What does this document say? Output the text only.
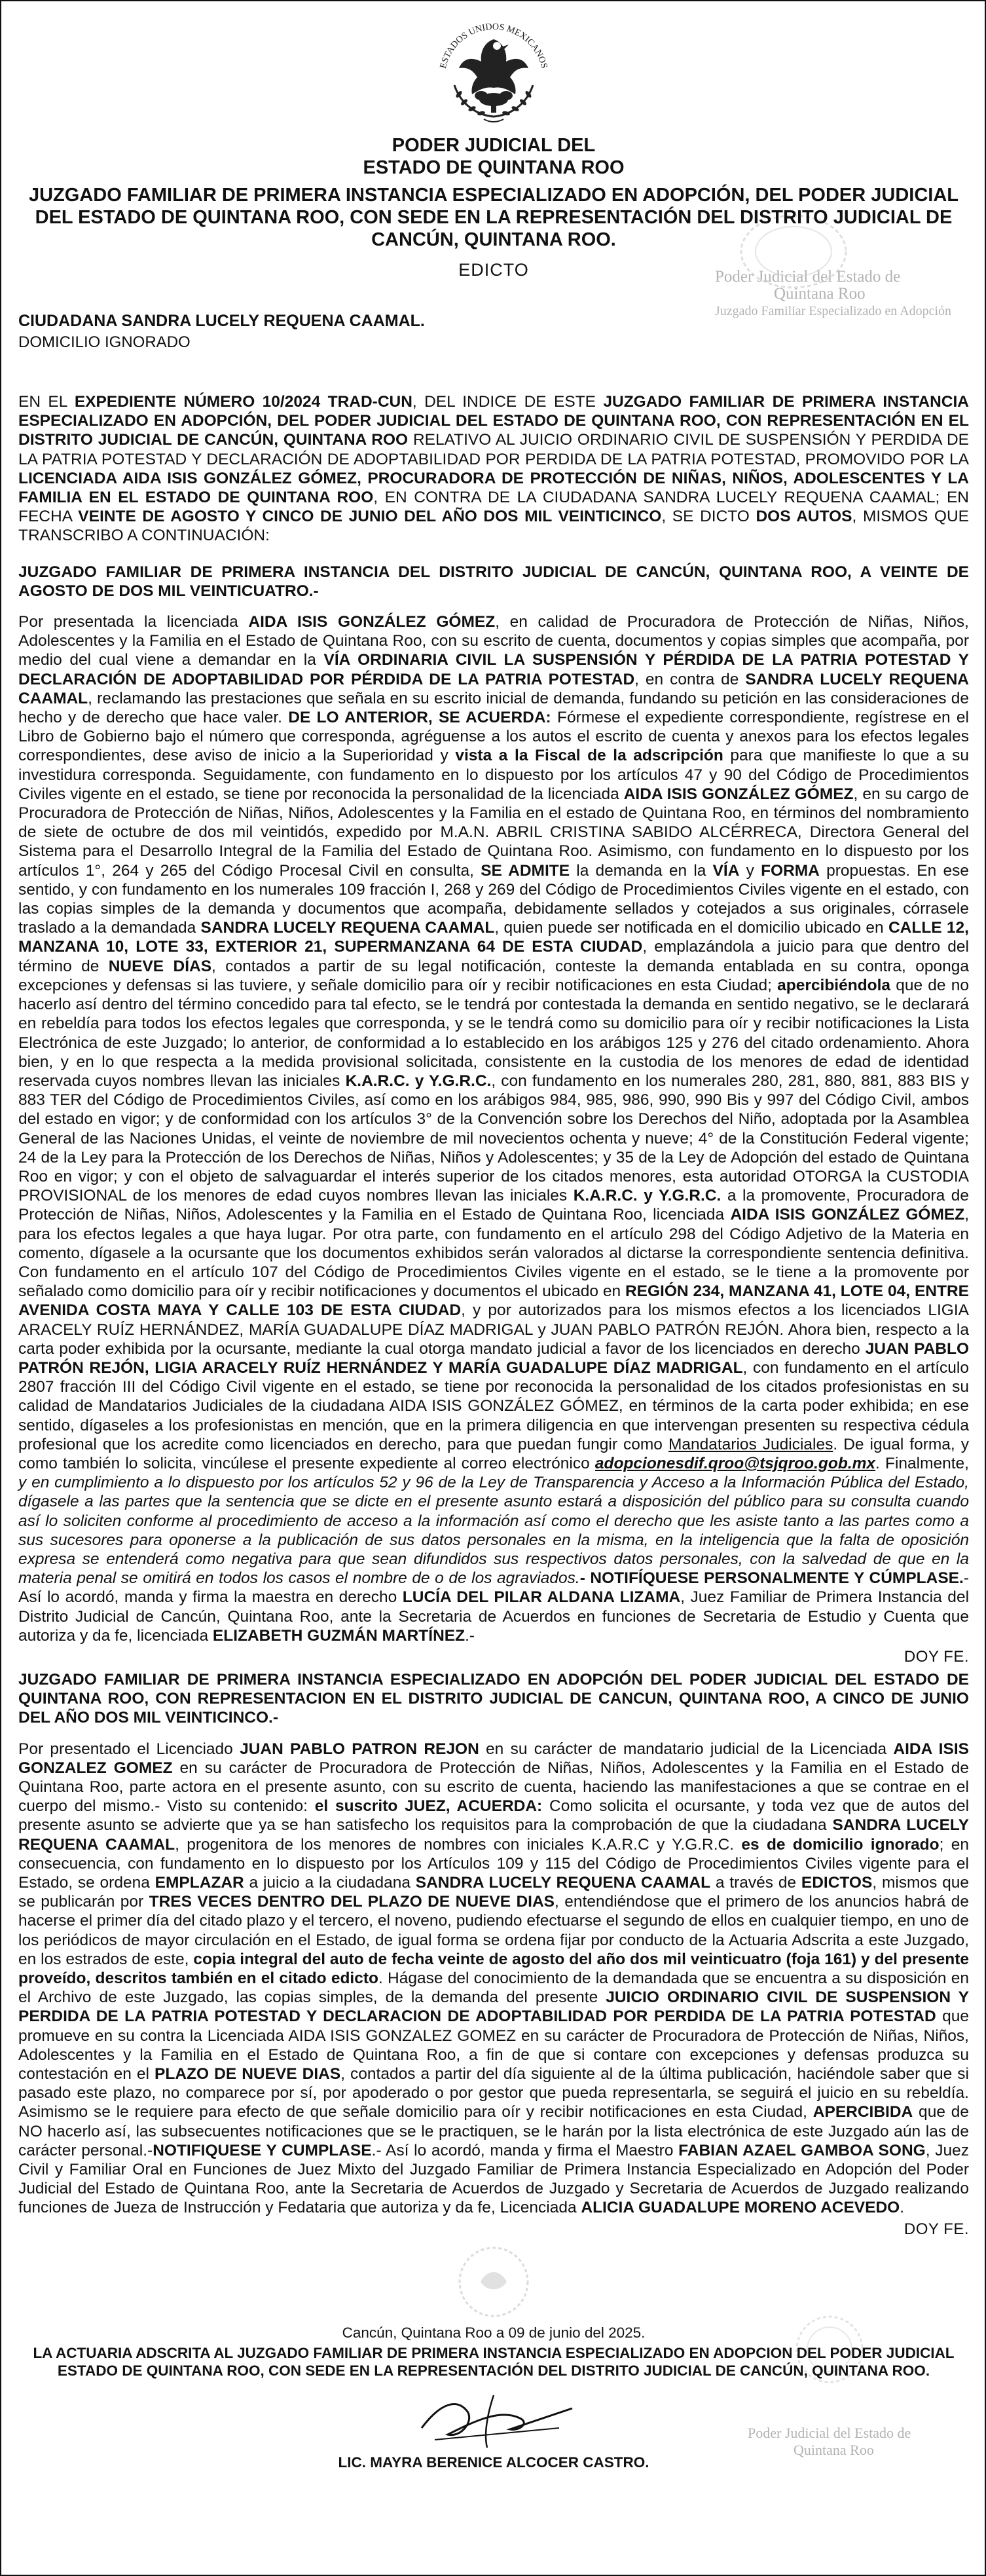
Poder Judicial del Estado de
Quintana Roo
Juzgado Familiar Especializado en Adopción
Poder Judicial del Estado de
Quintana Roo
ESTADOS UNIDOS MEXICANOS

PODER JUDICIAL DEL

ESTADO DE QUINTANA ROO

JUZGADO FAMILIAR DE PRIMERA INSTANCIA ESPECIALIZADO EN ADOPCIÓN, DEL PODER JUDICIAL DEL ESTADO DE QUINTANA ROO, CON SEDE EN LA REPRESENTACIÓN DEL DISTRITO JUDICIAL DE CANCÚN, QUINTANA ROO.

EDICTO

CIUDADANA SANDRA LUCELY REQUENA CAAMAL.

DOMICILIO IGNORADO

EN EL EXPEDIENTE NÚMERO 10/2024 TRAD-CUN, DEL INDICE DE ESTE JUZGADO FAMILIAR DE PRIMERA INSTANCIA ESPECIALIZADO EN ADOPCIÓN, DEL PODER JUDICIAL DEL ESTADO DE QUINTANA ROO, CON REPRESENTACIÓN EN EL DISTRITO JUDICIAL DE CANCÚN, QUINTANA ROO RELATIVO AL JUICIO ORDINARIO CIVIL DE SUSPENSIÓN Y PERDIDA DE LA PATRIA POTESTAD Y DECLARACIÓN DE ADOPTABILIDAD POR PERDIDA DE LA PATRIA POTESTAD, PROMOVIDO POR LA LICENCIADA AIDA ISIS GONZÁLEZ GÓMEZ, PROCURADORA DE PROTECCIÓN DE NIÑAS, NIÑOS, ADOLESCENTES Y LA FAMILIA EN EL ESTADO DE QUINTANA ROO, EN CONTRA DE LA CIUDADANA SANDRA LUCELY REQUENA CAAMAL; EN FECHA VEINTE DE AGOSTO Y CINCO DE JUNIO DEL AÑO DOS MIL VEINTICINCO, SE DICTO DOS AUTOS, MISMOS QUE TRANSCRIBO A CONTINUACIÓN:

JUZGADO FAMILIAR DE PRIMERA INSTANCIA DEL DISTRITO JUDICIAL DE CANCÚN, QUINTANA ROO, A VEINTE DE AGOSTO DE DOS MIL VEINTICUATRO.-

Por presentada la licenciada AIDA ISIS GONZÁLEZ GÓMEZ, en calidad de Procuradora de Protección de Niñas, Niños, Adolescentes y la Familia en el Estado de Quintana Roo, con su escrito de cuenta, documentos y copias simples que acompaña, por medio del cual viene a demandar en la VÍA ORDINARIA CIVIL LA SUSPENSIÓN Y PÉRDIDA DE LA PATRIA POTESTAD Y DECLARACIÓN DE ADOPTABILIDAD POR PÉRDIDA DE LA PATRIA POTESTAD, en contra de SANDRA LUCELY REQUENA CAAMAL, reclamando las prestaciones que señala en su escrito inicial de demanda, fundando su petición en las consideraciones de hecho y de derecho que hace valer. DE LO ANTERIOR, SE ACUERDA: Fórmese el expediente correspondiente, regístrese en el Libro de Gobierno bajo el número que corresponda, agréguense a los autos el escrito de cuenta y anexos para los efectos legales correspondientes, dese aviso de inicio a la Superioridad y vista a la Fiscal de la adscripción para que manifieste lo que a su investidura corresponda. Seguidamente, con fundamento en lo dispuesto por los artículos 47 y 90 del Código de Procedimientos Civiles vigente en el estado, se tiene por reconocida la personalidad de la licenciada AIDA ISIS GONZÁLEZ GÓMEZ, en su cargo de Procuradora de Protección de Niñas, Niños, Adolescentes y la Familia en el estado de Quintana Roo, en términos del nombramiento de siete de octubre de dos mil veintidós, expedido por M.A.N. ABRIL CRISTINA SABIDO ALCÉRRECA, Directora General del Sistema para el Desarrollo Integral de la Familia del Estado de Quintana Roo. Asimismo, con fundamento en lo dispuesto por los artículos 1°, 264 y 265 del Código Procesal Civil en consulta, SE ADMITE la demanda en la VÍA y FORMA propuestas. En ese sentido, y con fundamento en los numerales 109 fracción I, 268 y 269 del Código de Procedimientos Civiles vigente en el estado, con las copias simples de la demanda y documentos que acompaña, debidamente sellados y cotejados a sus originales, córrasele traslado a la demandada SANDRA LUCELY REQUENA CAAMAL, quien puede ser notificada en el domicilio ubicado en CALLE 12, MANZANA 10, LOTE 33, EXTERIOR 21, SUPERMANZANA 64 DE ESTA CIUDAD, emplazándola a juicio para que dentro del término de NUEVE DÍAS, contados a partir de su legal notificación, conteste la demanda entablada en su contra, oponga excepciones y defensas si las tuviere, y señale domicilio para oír y recibir notificaciones en esta Ciudad; apercibiéndola que de no hacerlo así dentro del término concedido para tal efecto, se le tendrá por contestada la demanda en sentido negativo, se le declarará en rebeldía para todos los efectos legales que corresponda, y se le tendrá como su domicilio para oír y recibir notificaciones la Lista Electrónica de este Juzgado; lo anterior, de conformidad a lo establecido en los arábigos 125 y 276 del citado ordenamiento. Ahora bien, y en lo que respecta a la medida provisional solicitada, consistente en la custodia de los menores de edad de identidad reservada cuyos nombres llevan las iniciales K.A.R.C. y Y.G.R.C., con fundamento en los numerales 280, 281, 880, 881, 883 BIS y 883 TER del Código de Procedimientos Civiles, así como en los arábigos 984, 985, 986, 990, 990 Bis y 997 del Código Civil, ambos del estado en vigor; y de conformidad con los artículos 3° de la Convención sobre los Derechos del Niño, adoptada por la Asamblea General de las Naciones Unidas, el veinte de noviembre de mil novecientos ochenta y nueve; 4° de la Constitución Federal vigente; 24 de la Ley para la Protección de los Derechos de Niñas, Niños y Adolescentes; y 35 de la Ley de Adopción del estado de Quintana Roo en vigor; y con el objeto de salvaguardar el interés superior de los citados menores, esta autoridad OTORGA la CUSTODIA PROVISIONAL de los menores de edad cuyos nombres llevan las iniciales K.A.R.C. y Y.G.R.C. a la promovente, Procuradora de Protección de Niñas, Niños, Adolescentes y la Familia en el Estado de Quintana Roo, licenciada AIDA ISIS GONZÁLEZ GÓMEZ, para los efectos legales a que haya lugar. Por otra parte, con fundamento en el artículo 298 del Código Adjetivo de la Materia en comento, dígasele a la ocursante que los documentos exhibidos serán valorados al dictarse la correspondiente sentencia definitiva. Con fundamento en el artículo 107 del Código de Procedimientos Civiles vigente en el estado, se le tiene a la promovente por señalado como domicilio para oír y recibir notificaciones y documentos el ubicado en REGIÓN 234, MANZANA 41, LOTE 04, ENTRE AVENIDA COSTA MAYA Y CALLE 103 DE ESTA CIUDAD, y por autorizados para los mismos efectos a los licenciados LIGIA ARACELY RUÍZ HERNÁNDEZ, MARÍA GUADALUPE DÍAZ MADRIGAL y JUAN PABLO PATRÓN REJÓN. Ahora bien, respecto a la carta poder exhibida por la ocursante, mediante la cual otorga mandato judicial a favor de los licenciados en derecho JUAN PABLO PATRÓN REJÓN, LIGIA ARACELY RUÍZ HERNÁNDEZ Y MARÍA GUADALUPE DÍAZ MADRIGAL, con fundamento en el artículo 2807 fracción III del Código Civil vigente en el estado, se tiene por reconocida la personalidad de los citados profesionistas en su calidad de Mandatarios Judiciales de la ciudadana AIDA ISIS GONZÁLEZ GÓMEZ, en términos de la carta poder exhibida; en ese sentido, dígaseles a los profesionistas en mención, que en la primera diligencia en que intervengan presenten su respectiva cédula profesional que los acredite como licenciados en derecho, para que puedan fungir como Mandatarios Judiciales. De igual forma, y como también lo solicita, vincúlese el presente expediente al correo electrónico adopcionesdif.qroo@tsjqroo.gob.mx. Finalmente, y en cumplimiento a lo dispuesto por los artículos 52 y 96 de la Ley de Transparencia y Acceso a la Información Pública del Estado, dígasele a las partes que la sentencia que se dicte en el presente asunto estará a disposición del público para su consulta cuando así lo soliciten conforme al procedimiento de acceso a la información así como el derecho que les asiste tanto a las partes como a sus sucesores para oponerse a la publicación de sus datos personales en la misma, en la inteligencia que la falta de oposición expresa se entenderá como negativa para que sean difundidos sus respectivos datos personales, con la salvedad de que en la materia penal se omitirá en todos los casos el nombre de o de los agraviados.- NOTIFÍQUESE PERSONALMENTE Y CÚMPLASE.- Así lo acordó, manda y firma la maestra en derecho LUCÍA DEL PILAR ALDANA LIZAMA, Juez Familiar de Primera Instancia del Distrito Judicial de Cancún, Quintana Roo, ante la Secretaria de Acuerdos en funciones de Secretaria de Estudio y Cuenta que autoriza y da fe, licenciada ELIZABETH GUZMÁN MARTÍNEZ.-

DOY FE.

JUZGADO FAMILIAR DE PRIMERA INSTANCIA ESPECIALIZADO EN ADOPCIÓN DEL PODER JUDICIAL DEL ESTADO DE QUINTANA ROO, CON REPRESENTACION EN EL DISTRITO JUDICIAL DE CANCUN, QUINTANA ROO, A CINCO DE JUNIO DEL AÑO DOS MIL VEINTICINCO.-

Por presentado el Licenciado JUAN PABLO PATRON REJON en su carácter de mandatario judicial de la Licenciada AIDA ISIS GONZALEZ GOMEZ en su carácter de Procuradora de Protección de Niñas, Niños, Adolescentes y la Familia en el Estado de Quintana Roo, parte actora en el presente asunto, con su escrito de cuenta, haciendo las manifestaciones a que se contrae en el cuerpo del mismo.- Visto su contenido: el suscrito JUEZ, ACUERDA: Como solicita el ocursante, y toda vez que de autos del presente asunto se advierte que ya se han satisfecho los requisitos para la comprobación de que la ciudadana SANDRA LUCELY REQUENA CAAMAL, progenitora de los menores de nombres con iniciales K.A.R.C y Y.G.R.C. es de domicilio ignorado; en consecuencia, con fundamento en lo dispuesto por los Artículos 109 y 115 del Código de Procedimientos Civiles vigente para el Estado, se ordena EMPLAZAR a juicio a la ciudadana SANDRA LUCELY REQUENA CAAMAL a través de EDICTOS, mismos que se publicarán por TRES VECES DENTRO DEL PLAZO DE NUEVE DIAS, entendiéndose que el primero de los anuncios habrá de hacerse el primer día del citado plazo y el tercero, el noveno, pudiendo efectuarse el segundo de ellos en cualquier tiempo, en uno de los periódicos de mayor circulación en el Estado, de igual forma se ordena fijar por conducto de la Actuaria Adscrita a este Juzgado, en los estrados de este, copia integral del auto de fecha veinte de agosto del año dos mil veinticuatro (foja 161) y del presente proveído, descritos también en el citado edicto. Hágase del conocimiento de la demandada que se encuentra a su disposición en el Archivo de este Juzgado, las copias simples, de la demanda del presente JUICIO ORDINARIO CIVIL DE SUSPENSION Y PERDIDA DE LA PATRIA POTESTAD Y DECLARACION DE ADOPTABILIDAD POR PERDIDA DE LA PATRIA POTESTAD que promueve en su contra la Licenciada AIDA ISIS GONZALEZ GOMEZ en su carácter de Procuradora de Protección de Niñas, Niños, Adolescentes y la Familia en el Estado de Quintana Roo, a fin de que si contare con excepciones y defensas produzca su contestación en el PLAZO DE NUEVE DIAS, contados a partir del día siguiente al de la última publicación, haciéndole saber que si pasado este plazo, no comparece por sí, por apoderado o por gestor que pueda representarla, se seguirá el juicio en su rebeldía. Asimismo se le requiere para efecto de que señale domicilio para oír y recibir notificaciones en esta Ciudad, APERCIBIDA que de NO hacerlo así, las subsecuentes notificaciones que se le practiquen, se le harán por la lista electrónica de este Juzgado aún las de carácter personal.-NOTIFIQUESE Y CUMPLASE.- Así lo acordó, manda y firma el Maestro FABIAN AZAEL GAMBOA SONG, Juez Civil y Familiar Oral en Funciones de Juez Mixto del Juzgado Familiar de Primera Instancia Especializado en Adopción del Poder Judicial del Estado de Quintana Roo, ante la Secretaria de Acuerdos de Juzgado y Secretaria de Acuerdos de Juzgado realizando funciones de Jueza de Instrucción y Fedataria que autoriza y da fe, Licenciada ALICIA GUADALUPE MORENO ACEVEDO.

DOY FE.

Cancún, Quintana Roo a 09 de junio del 2025.

LA ACTUARIA ADSCRITA AL JUZGADO FAMILIAR DE PRIMERA INSTANCIA ESPECIALIZADO EN ADOPCION DEL PODER JUDICIAL ESTADO DE QUINTANA ROO, CON SEDE EN LA REPRESENTACIÓN DEL DISTRITO JUDICIAL DE CANCÚN, QUINTANA ROO.

LIC. MAYRA BERENICE ALCOCER CASTRO.
